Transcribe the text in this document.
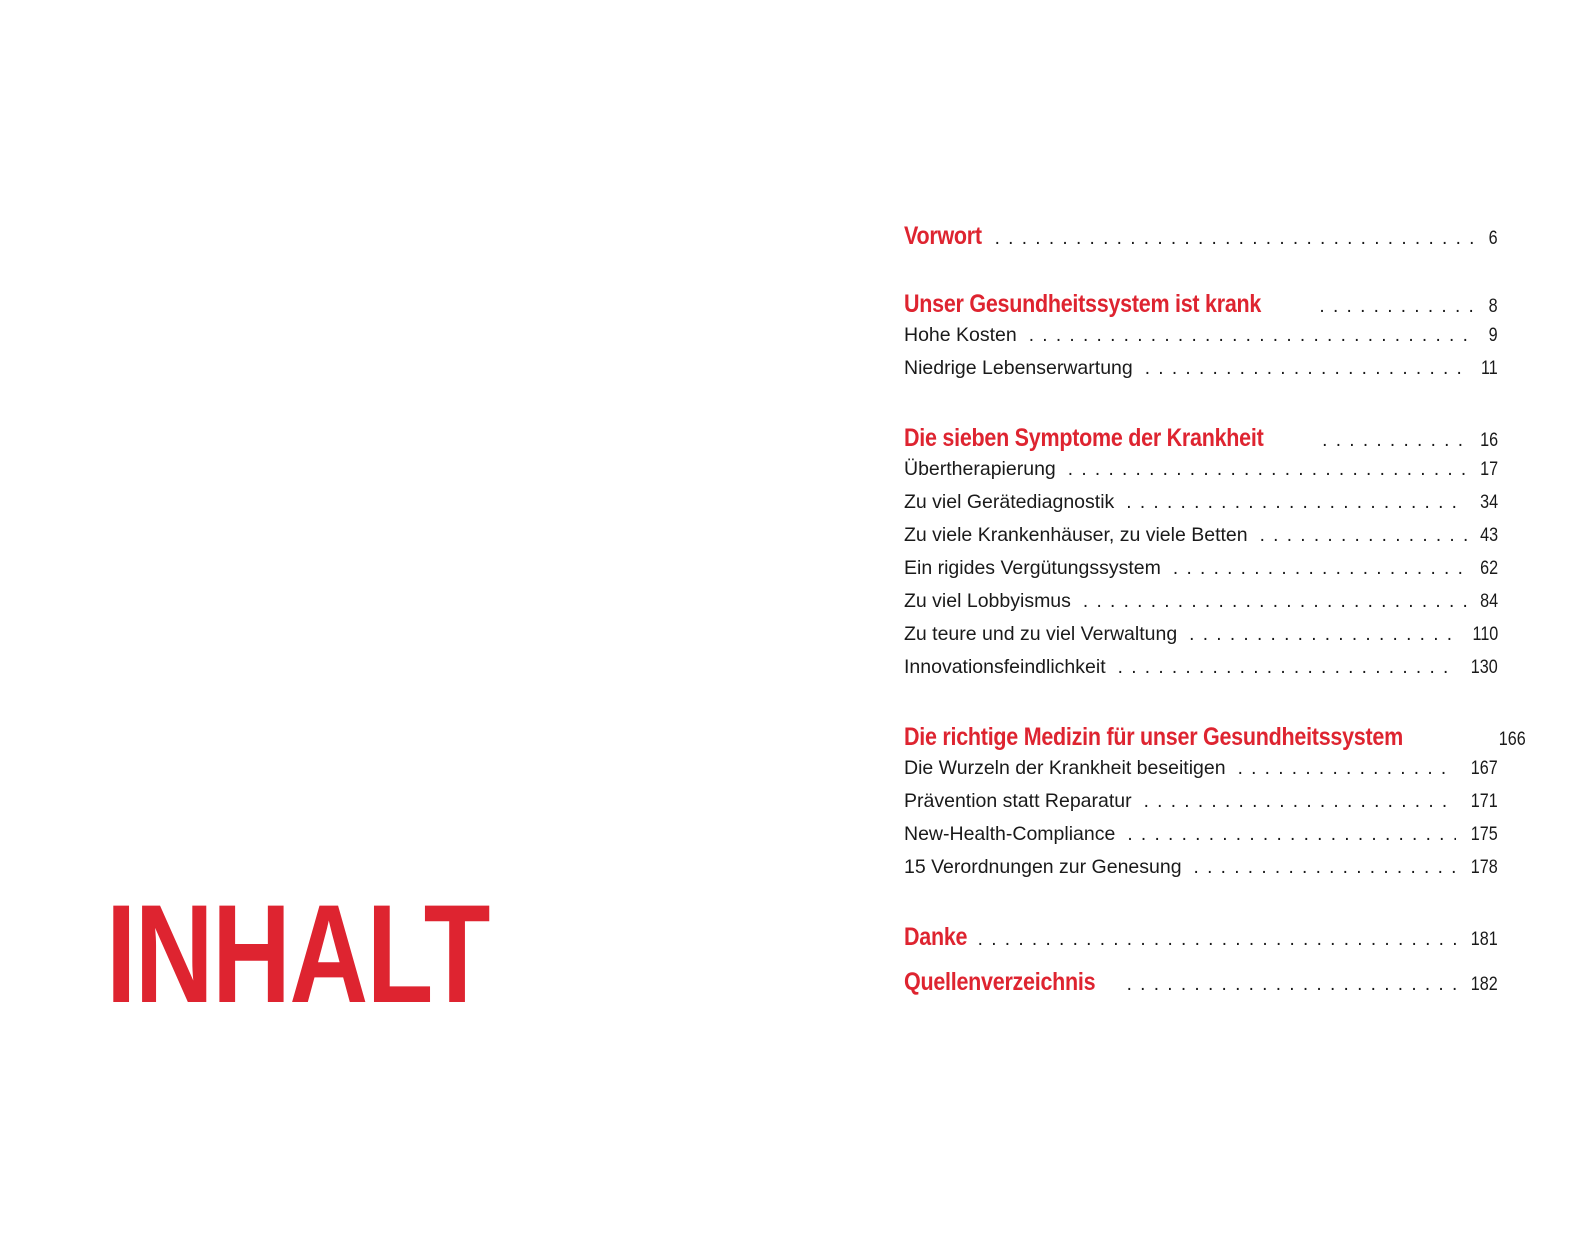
INHALT
Vorwort . . .	6
Unser Gesundheitssystem ist krank . . .	8
Hohe Kosten . . .	9
Niedrige Lebenserwartung . . .	11
Die sieben Symptome der Krankheit . . .	16
Übertherapierung . . .	17
Zu viel Gerätediagnostik . . .	34
Zu viele Krankenhäuser, zu viele Betten . . .	43
Ein rigides Vergütungssystem . . .	62
Zu viel Lobbyismus . . .	84
Zu teure und zu viel Verwaltung . . .	110
Innovationsfeindlichkeit . . .	130
Die richtige Medizin für unser Gesundheitssystem	166
Die Wurzeln der Krankheit beseitigen . . .	167
Prävention statt Reparatur . . .	171
New-Health-Compliance . . .	175
15 Verordnungen zur Genesung . . .	178
Danke . . .	181
Quellenverzeichnis . . .	182
